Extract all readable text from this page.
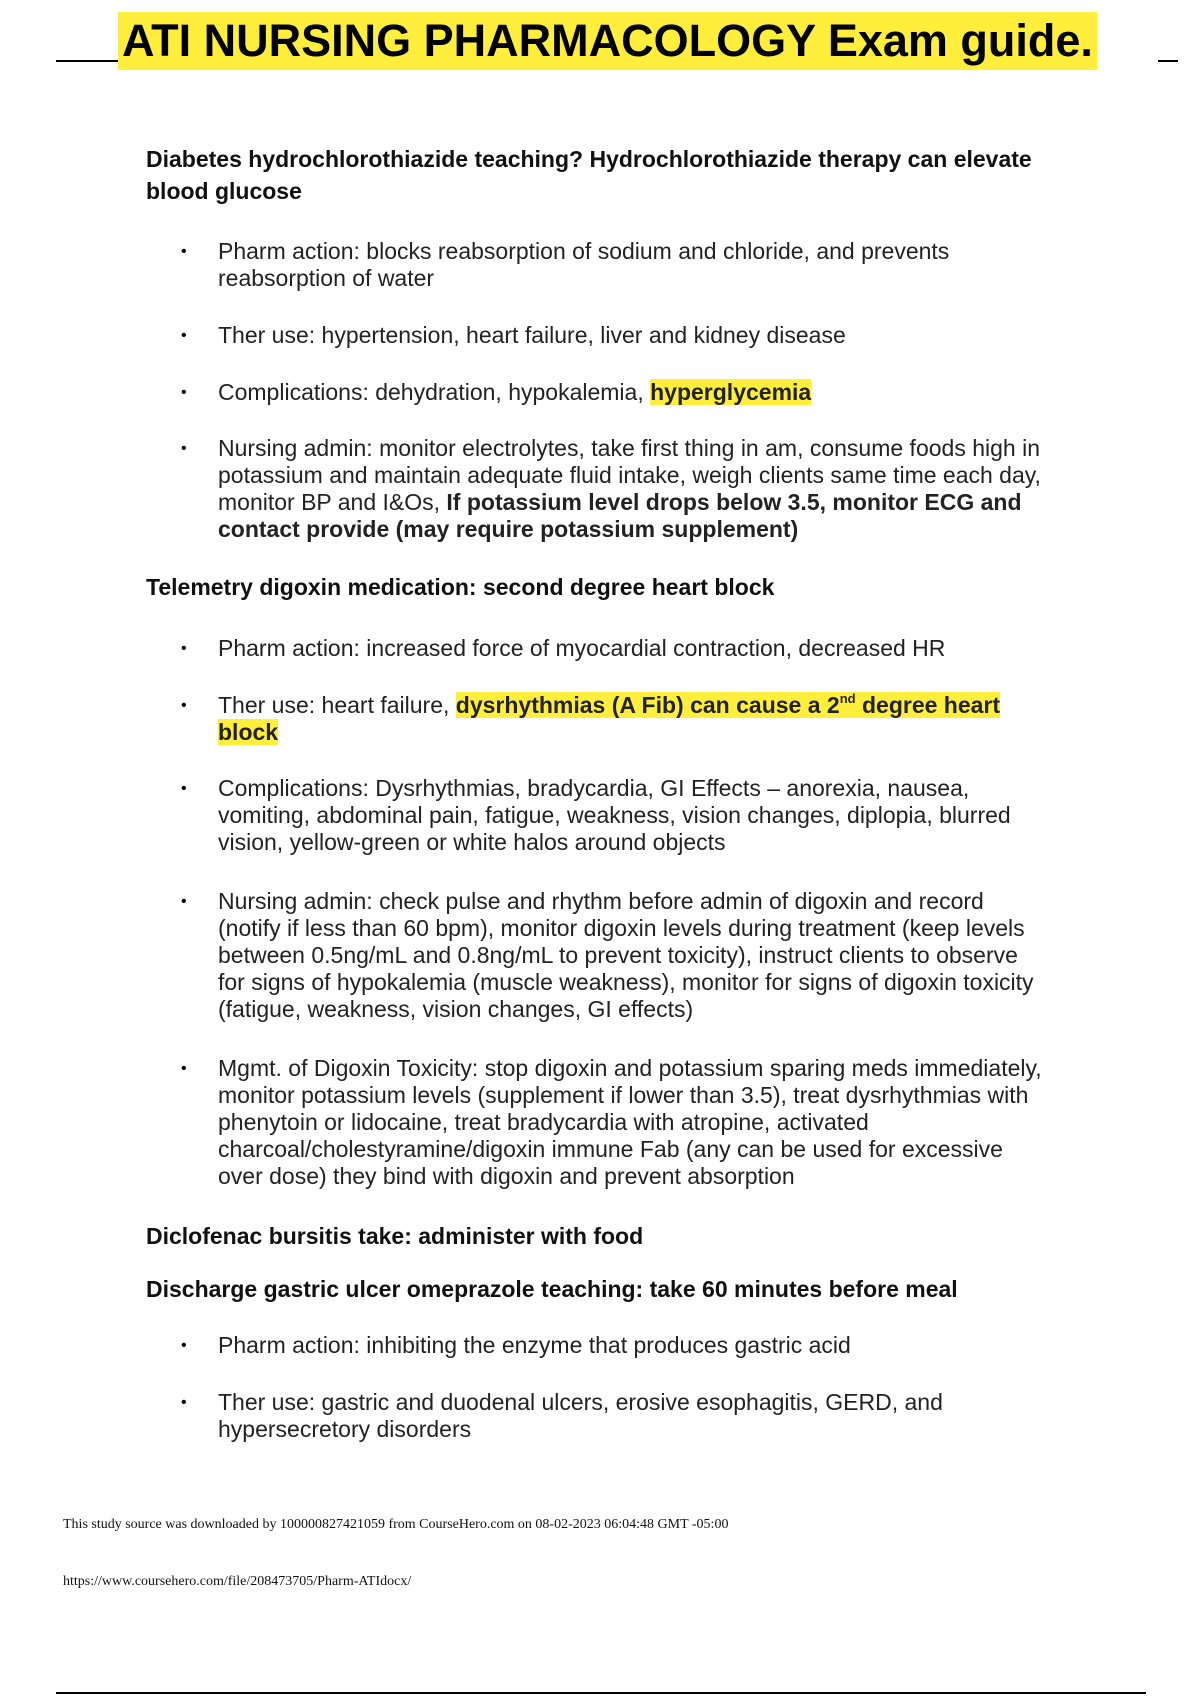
ATI NURSING PHARMACOLOGY Exam guide.
Diabetes hydrochlorothiazide teaching? Hydrochlorothiazide therapy can elevate
blood glucose
• Pharm action: blocks reabsorption of sodium and chloride, and prevents
reabsorption of water
• Ther use: hypertension, heart failure, liver and kidney disease
• Complications: dehydration, hypokalemia, hyperglycemia
• Nursing admin: monitor electrolytes, take first thing in am, consume foods high in
potassium and maintain adequate fluid intake, weigh clients same time each day,
monitor BP and I&Os, If potassium level drops below 3.5, monitor ECG and
contact provide (may require potassium supplement)
Telemetry digoxin medication: second degree heart block
• Pharm action: increased force of myocardial contraction, decreased HR
• Ther use: heart failure, dysrhythmias (A Fib) can cause a 2nd degree heart
block
• Complications: Dysrhythmias, bradycardia, GI Effects – anorexia, nausea,
vomiting, abdominal pain, fatigue, weakness, vision changes, diplopia, blurred
vision, yellow-green or white halos around objects
• Nursing admin: check pulse and rhythm before admin of digoxin and record
(notify if less than 60 bpm), monitor digoxin levels during treatment (keep levels
between 0.5ng/mL and 0.8ng/mL to prevent toxicity), instruct clients to observe
for signs of hypokalemia (muscle weakness), monitor for signs of digoxin toxicity
(fatigue, weakness, vision changes, GI effects)
• Mgmt. of Digoxin Toxicity: stop digoxin and potassium sparing meds immediately,
monitor potassium levels (supplement if lower than 3.5), treat dysrhythmias with
phenytoin or lidocaine, treat bradycardia with atropine, activated
charcoal/cholestyramine/digoxin immune Fab (any can be used for excessive
over dose) they bind with digoxin and prevent absorption
Diclofenac bursitis take: administer with food
Discharge gastric ulcer omeprazole teaching: take 60 minutes before meal
• Pharm action: inhibiting the enzyme that produces gastric acid
• Ther use: gastric and duodenal ulcers, erosive esophagitis, GERD, and
hypersecretory disorders
This study source was downloaded by 100000827421059 from CourseHero.com on 08-02-2023 06:04:48 GMT -05:00
https://www.coursehero.com/file/208473705/Pharm-ATIdocx/
